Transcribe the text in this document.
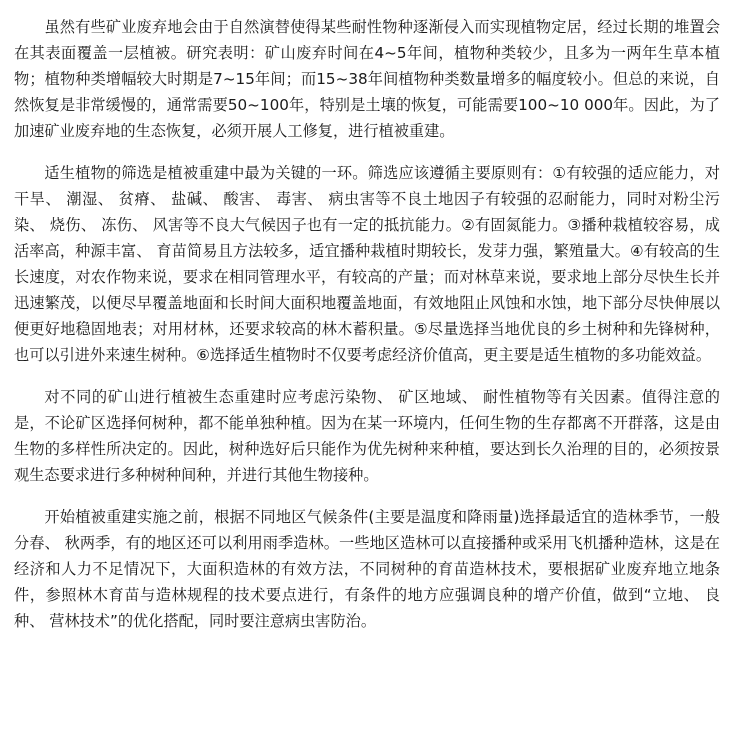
虽然有些矿业废弃地会由于自然演替使得某些耐性物种逐渐侵入而实现植物定居，经过长期的堆置会在其表面覆盖一层植被。研究表明：矿山废弃时间在4~5年间，植物种类较少，且多为一两年生草本植物；植物种类增幅较大时期是7~15年间；而15~38年间植物种类数量增多的幅度较小。但总的来说，自然恢复是非常缓慢的，通常需要50~100年，特别是土壤的恢复，可能需要100~10 000年。因此，为了加速矿业废弃地的生态恢复，必须开展人工修复，进行植被重建。

适生植物的筛选是植被重建中最为关键的一环。筛选应该遵循主要原则有：①有较强的适应能力，对干旱、 潮湿、 贫瘠、 盐碱、 酸害、 毒害、 病虫害等不良土地因子有较强的忍耐能力，同时对粉尘污染、 烧伤、 冻伤、 风害等不良大气候因子也有一定的抵抗能力。②有固氮能力。③播种栽植较容易，成活率高，种源丰富、 育苗简易且方法较多，适宜播种栽植时期较长，发芽力强，繁殖量大。④有较高的生长速度，对农作物来说，要求在相同管理水平，有较高的产量；而对林草来说，要求地上部分尽快生长并迅速繁茂，以便尽早覆盖地面和长时间大面积地覆盖地面，有效地阻止风蚀和水蚀，地下部分尽快伸展以便更好地稳固地表；对用材林，还要求较高的林木蓄积量。⑤尽量选择当地优良的乡土树种和先锋树种，也可以引进外来速生树种。⑥选择适生植物时不仅要考虑经济价值高，更主要是适生植物的多功能效益。

对不同的矿山进行植被生态重建时应考虑污染物、 矿区地域、 耐性植物等有关因素。值得注意的是，不论矿区选择何树种，都不能单独种植。因为在某一环境内，任何生物的生存都离不开群落，这是由生物的多样性所决定的。因此，树种选好后只能作为优先树种来种植，要达到长久治理的目的，必须按景观生态要求进行多种树种间种，并进行其他生物接种。

开始植被重建实施之前，根据不同地区气候条件(主要是温度和降雨量)选择最适宜的造林季节，一般分春、 秋两季，有的地区还可以利用雨季造林。一些地区造林可以直接播种或采用飞机播种造林，这是在经济和人力不足情况下，大面积造林的有效方法，不同树种的育苗造林技术，要根据矿业废弃地立地条件，参照林木育苗与造林规程的技术要点进行，有条件的地方应强调良种的增产价值，做到“立地、 良种、 营林技术”的优化搭配，同时要注意病虫害防治。
